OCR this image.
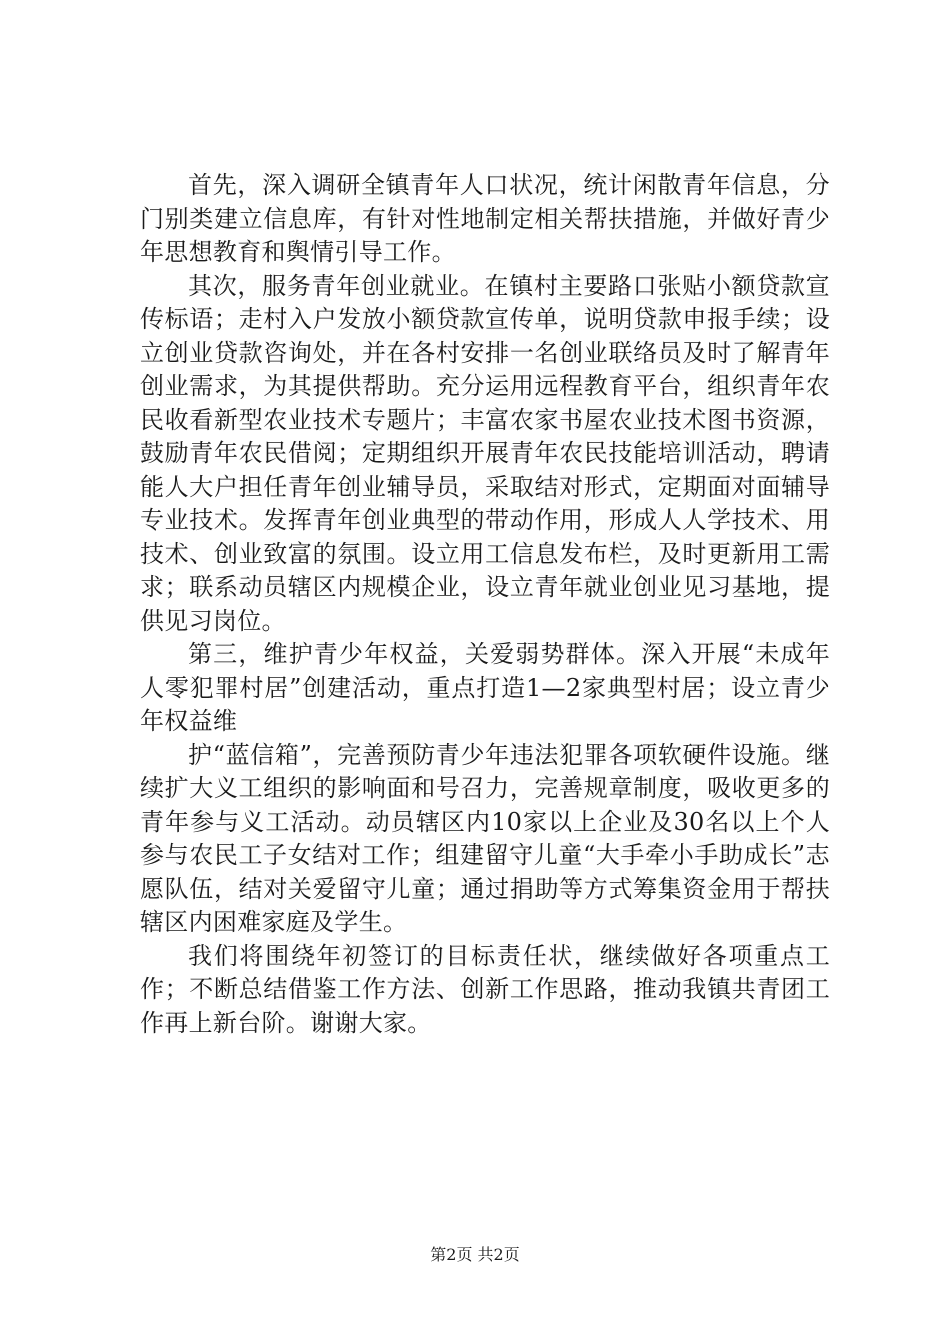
首先，深入调研全镇青年人口状况，统计闲散青年信息，分门别类建立信息库，有针对性地制定相关帮扶措施，并做好青少年思想教育和舆情引导工作。

其次，服务青年创业就业。在镇村主要路口张贴小额贷款宣传标语；走村入户发放小额贷款宣传单，说明贷款申报手续；设立创业贷款咨询处，并在各村安排一名创业联络员及时了解青年创业需求，为其提供帮助。充分运用远程教育平台，组织青年农民收看新型农业技术专题片；丰富农家书屋农业技术图书资源，鼓励青年农民借阅；定期组织开展青年农民技能培训活动，聘请能人大户担任青年创业辅导员，采取结对形式，定期面对面辅导专业技术。发挥青年创业典型的带动作用，形成人人学技术、用技术、创业致富的氛围。设立用工信息发布栏，及时更新用工需求；联系动员辖区内规模企业，设立青年就业创业见习基地，提供见习岗位。

第三，维护青少年权益，关爱弱势群体。深入开展“未成年人零犯罪村居”创建活动，重点打造1—2家典型村居；设立青少年权益维

护“蓝信箱”，完善预防青少年违法犯罪各项软硬件设施。继续扩大义工组织的影响面和号召力，完善规章制度，吸收更多的青年参与义工活动。动员辖区内10家以上企业及30名以上个人参与农民工子女结对工作；组建留守儿童“大手牵小手助成长”志愿队伍，结对关爱留守儿童；通过捐助等方式筹集资金用于帮扶辖区内困难家庭及学生。

我们将围绕年初签订的目标责任状，继续做好各项重点工作；不断总结借鉴工作方法、创新工作思路，推动我镇共青团工作再上新台阶。谢谢大家。

第2页 共2页
